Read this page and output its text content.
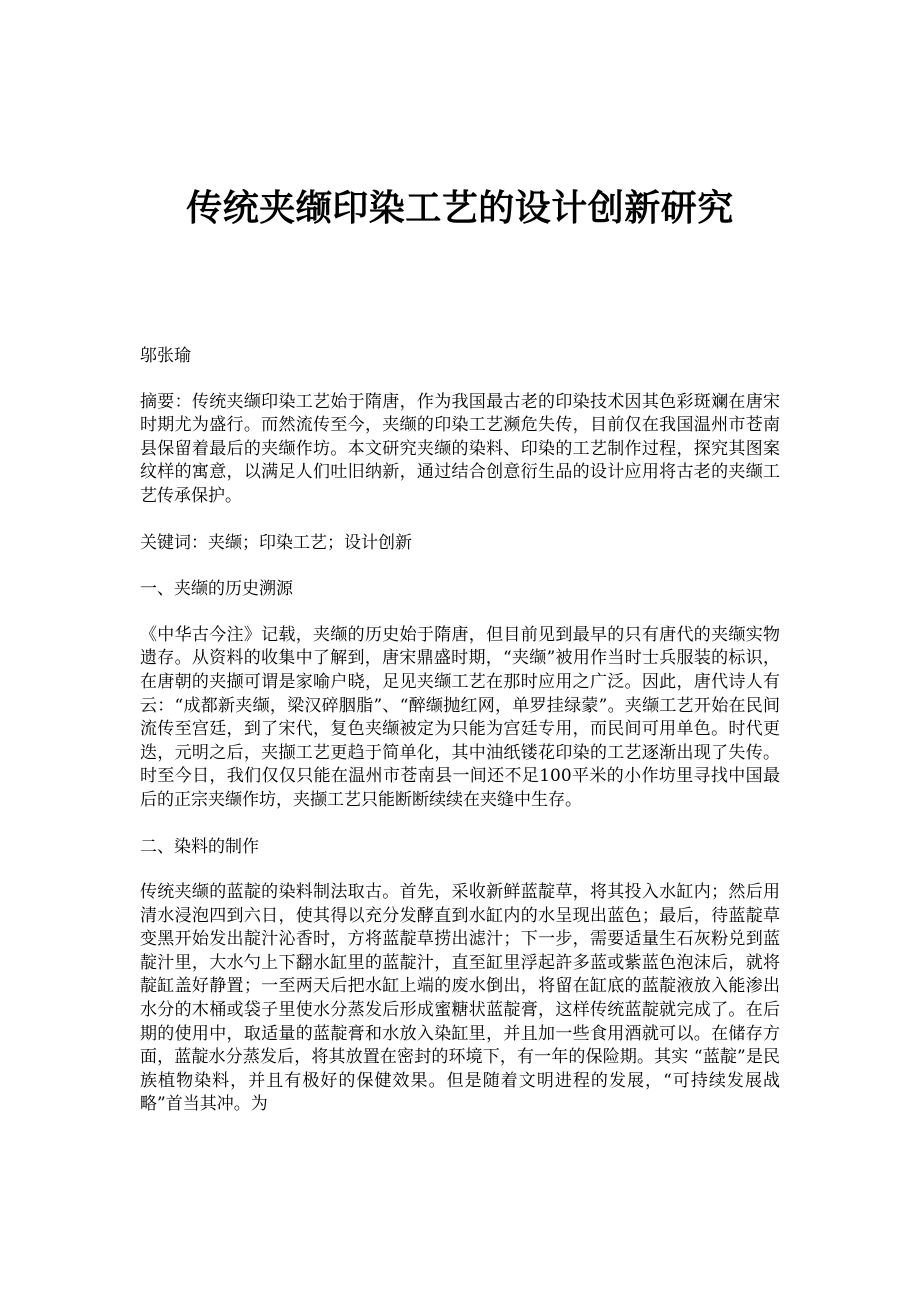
传统夹缬印染工艺的设计创新研究

邬张瑜

摘要：传统夹缬印染工艺始于隋唐，作为我国最古老的印染技术因其色彩斑斓在唐宋时期尤为盛行。而然流传至今，夹缬的印染工艺濒危失传，目前仅在我国温州市苍南县保留着最后的夹缬作坊。本文研究夹缬的染料、印染的工艺制作过程，探究其图案纹样的寓意，以满足人们吐旧纳新，通过结合创意衍生品的设计应用将古老的夹缬工艺传承保护。

关键词：夹缬；印染工艺；设计创新

一、夹缬的历史溯源

《中华古今注》记载，夹缬的历史始于隋唐，但目前见到最早的只有唐代的夹缬实物遗存。从资料的收集中了解到，唐宋鼎盛时期，“夹缬”被用作当时士兵服装的标识，在唐朝的夹撷可谓是家喻户晓，足见夹缬工艺在那时应用之广泛。因此，唐代诗人有云：“成都新夹缬，梁汉碎胭脂”、“醉缬抛红网，单罗挂绿蒙”。夹缬工艺开始在民间流传至宫廷，到了宋代，复色夹缬被定为只能为宫廷专用，而民间可用单色。时代更迭，元明之后，夹撷工艺更趋于简单化，其中油纸镂花印染的工艺逐渐出现了失传。时至今日，我们仅仅只能在温州市苍南县一间还不足100平米的小作坊里寻找中国最后的正宗夹缬作坊，夹撷工艺只能断断续续在夹缝中生存。

二、染料的制作

传统夹缬的蓝靛的染料制法取古。首先，采收新鲜蓝靛草，将其投入水缸内；然后用清水浸泡四到六日，使其得以充分发酵直到水缸内的水呈现出蓝色；最后，待蓝靛草变黑开始发出靛汁沁香时，方将蓝靛草捞出滤汁；下一步，需要适量生石灰粉兑到蓝靛汁里，大水勺上下翻水缸里的蓝靛汁，直至缸里浮起許多蓝或紫蓝色泡沫后，就将靛缸盖好静置；一至两天后把水缸上端的废水倒出，将留在缸底的蓝靛液放入能渗出水分的木桶或袋子里使水分蒸发后形成蜜糖状蓝靛膏，这样传统蓝靛就完成了。在后期的使用中，取适量的蓝靛膏和水放入染缸里，并且加一些食用酒就可以。在储存方面，蓝靛水分蒸发后，将其放置在密封的环境下，有一年的保险期。其实 “蓝靛”是民族植物染料，并且有极好的保健效果。但是随着文明进程的发展，“可持续发展战略”首当其冲。为
